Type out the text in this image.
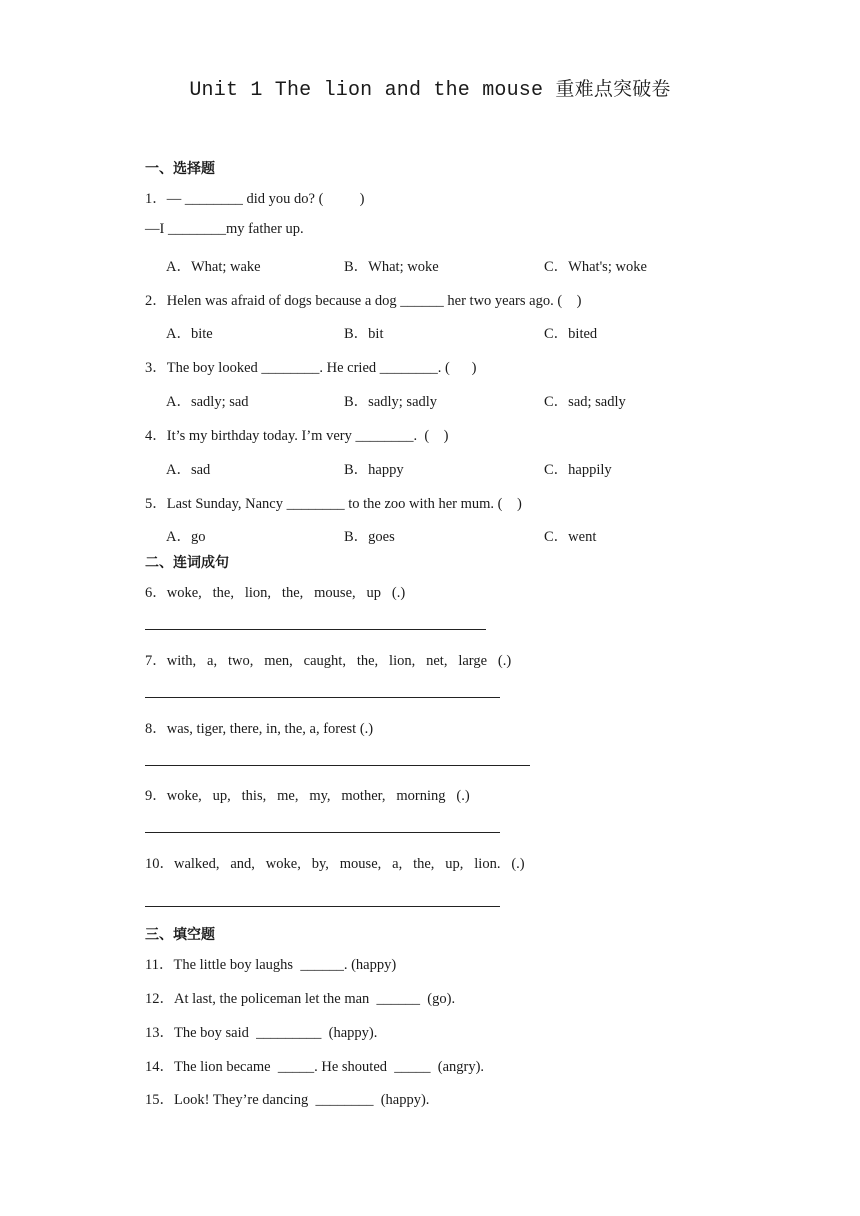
Unit 1 The lion and the mouse 重难点突破卷
一、选择题
1．— ________ did you do? (          )
—I ________my father up.
A．What; wake	B．What; woke	C．What's; woke
2．Helen was afraid of dogs because a dog ______ her two years ago. (    )
A．bite	B．bit	C．bited
3．The boy looked ________. He cried ________. (      )
A．sadly; sad	B．sadly; sadly	C．sad; sadly
4．It’s my birthday today. I’m very ________.  (    )
A．sad	B．happy	C．happily
5．Last Sunday, Nancy ________ to the zoo with her mum. (    )
A．go	B．goes	C．went
二、连词成句
6．woke,   the,   lion,   the,   mouse,   up   (.)
7．with,   a,   two,   men,   caught,   the,   lion,   net,   large   (.)
8．was, tiger, there, in, the, a, forest (.)
9．woke,   up,   this,   me,   my,   mother,   morning   (.)
10．walked,   and,   woke,   by,   mouse,   a,   the,   up,   lion.   (.)
三、填空题
11．The little boy laughs  ______. (happy)
12．At last, the policeman let the man  ______  (go).
13．The boy said  _________  (happy).
14．The lion became  _____. He shouted  _____  (angry).
15．Look! They’re dancing  ________  (happy).
